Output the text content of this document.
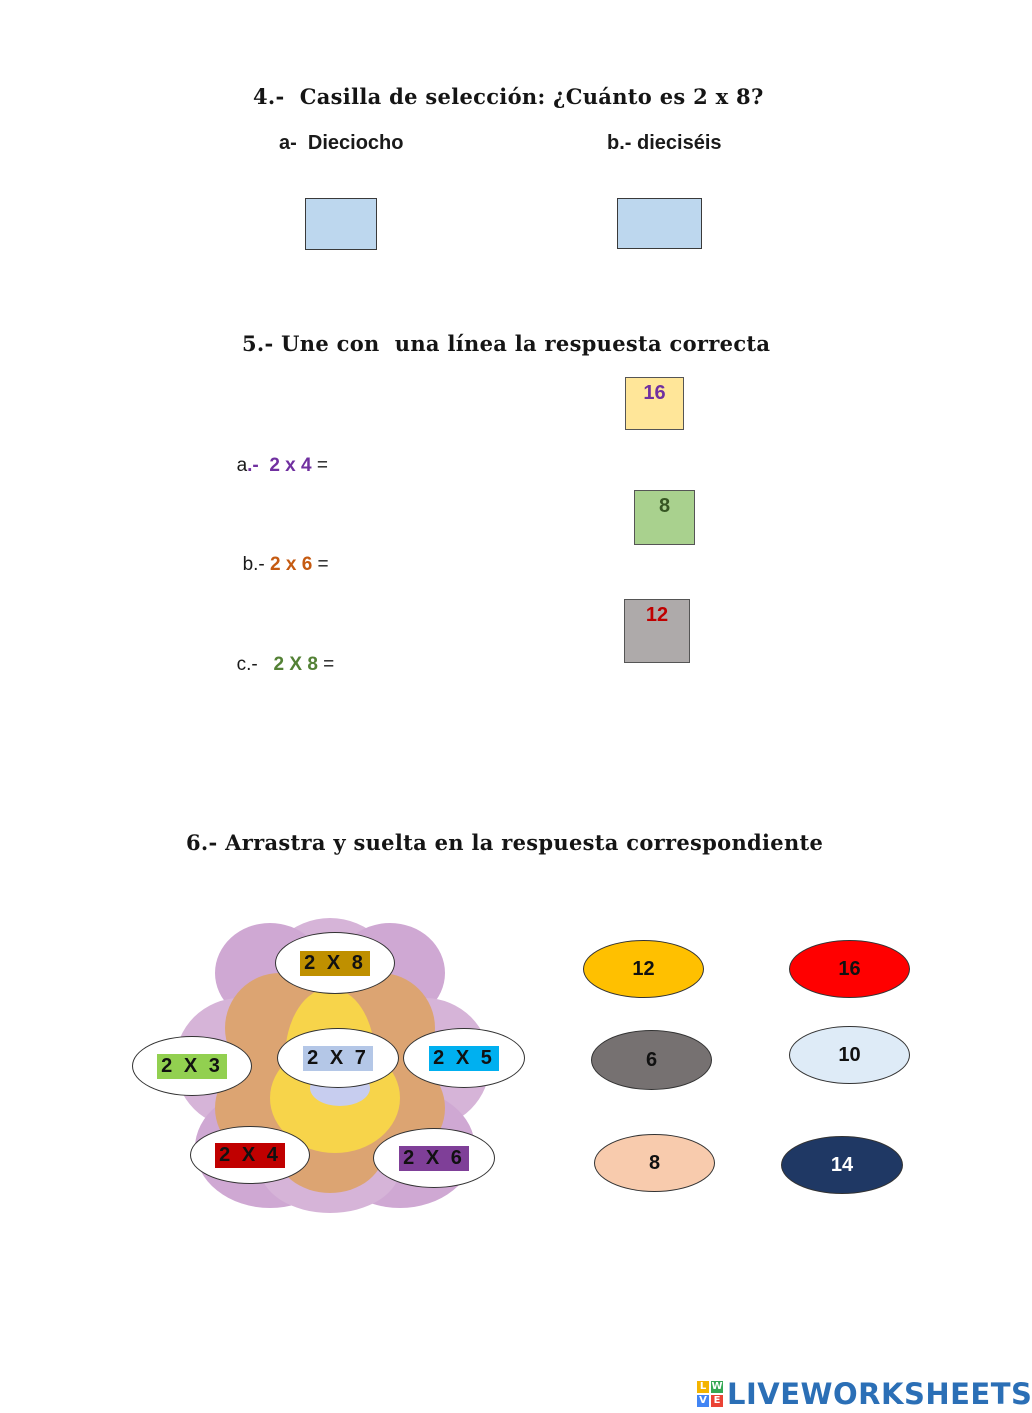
4.-  Casilla de selección: ¿Cuánto es 2 x 8?
a-  Dieciocho	b.- dieciséis
5.- Une con  una línea la respuesta correcta

a.-  2 x 4 =

b.- 2 x 6 =

c.-   2 X 8 =

16
8
12
6.- Arrastra y suelta en la respuesta correspondiente
2 X 8
2 X 3	2 X 7	2 X 5
2 X 4	2 X 6
12	16
6	10
8	14
L W
V E LIVEWORKSHEETS
